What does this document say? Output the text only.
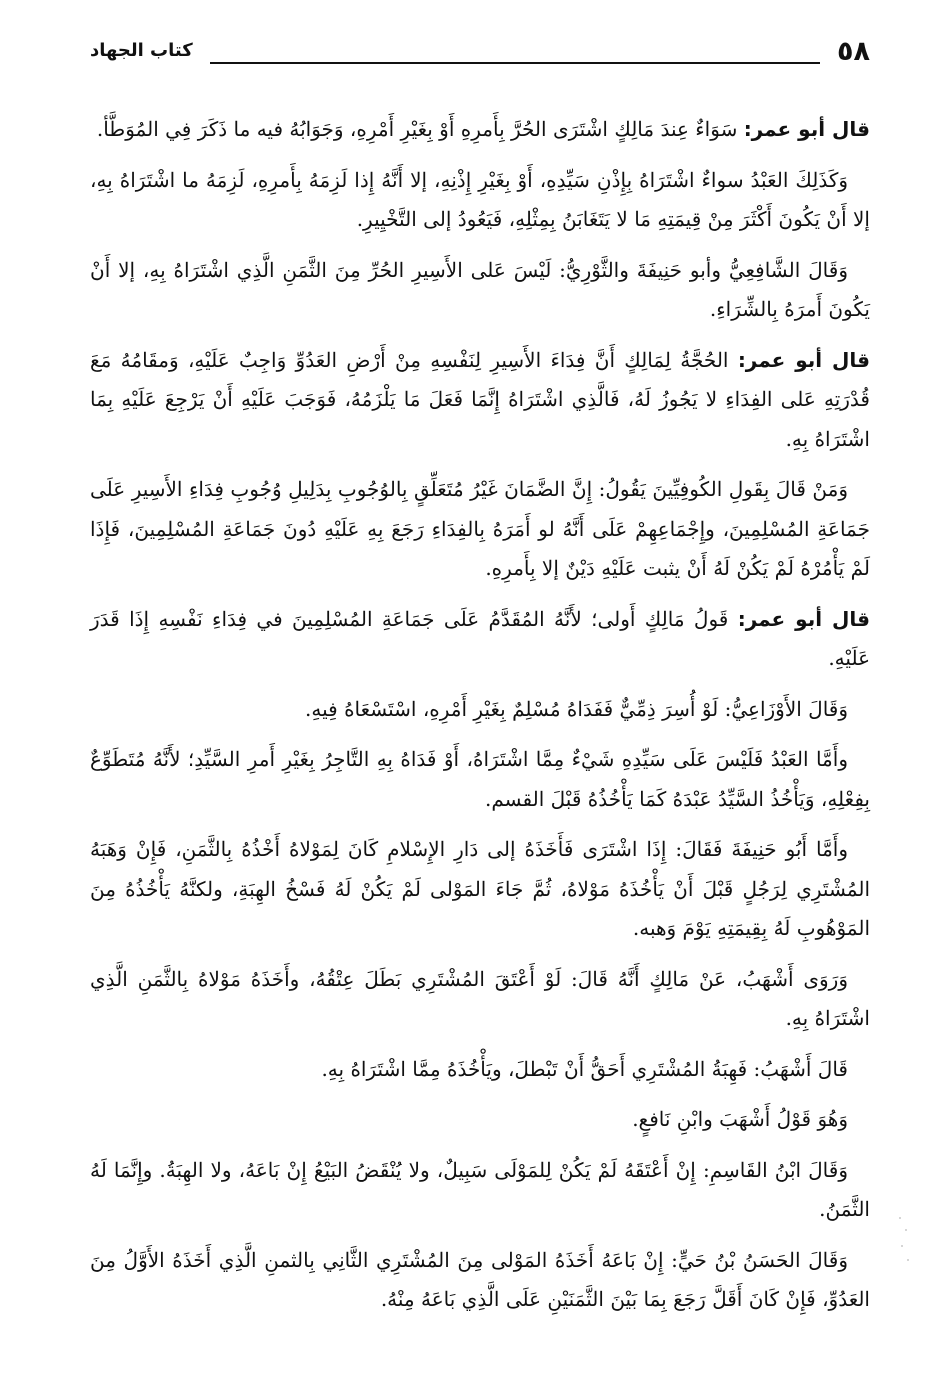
٥٨
كتاب الجهاد

قال أبو عمر: سَوَاءٌ عِندَ مَالِكٍ اشْتَرَى الحُرَّ بِأَمرِهِ أَوْ بِغَيْرِ أَمْرِهِ، وَجَوَابُهُ فيه ما ذَكَرَ فِي المُوَطَّأ.

وَكَذَلِكَ العَبْدُ سواءٌ اشْتَرَاهُ بِإِذْنِ سَيِّدِهِ، أَوْ بِغَيْرِ إِذْنِهِ، إلا أَنَّهُ إِذا لَزِمَهُ بِأَمرِهِ، لَزِمَهُ ما اشْتَرَاهُ بِهِ، إلا أَنْ يَكُونَ أَكْثَرَ مِنْ قِيمَتِهِ مَا لا يَتَغَابَنُ بِمِثْلِهِ، فَيَعُودُ إلى التَّخْيِيرِ.

وَقَالَ الشَّافِعِيُّ وأبو حَنِيفَةَ والثَّوْرِيُّ: لَيْسَ عَلى الأَسِيرِ الحُرِّ مِنَ الثَّمَنِ الَّذِي اشْتَرَاهُ بِهِ، إلا أَنْ يَكُونَ أَمرَهُ بِالشِّرَاءِ.

قال أبو عمر: الحُجَّةُ لِمَالِكٍ أَنَّ فِدَاءَ الأَسِيرِ لِنَفْسِهِ مِنْ أَرْضِ العَدُوِّ وَاجِبٌ عَلَيْهِ، وَمقَامُهُ مَعَ قُدْرَتِهِ عَلى الفِدَاءِ لا يَجُوزُ لَهُ، فَالَّذِي اشْتَرَاهُ إِنَّمَا فَعَلَ مَا يَلْزَمُهُ، فَوَجَبَ عَلَيْهِ أَنْ يَرْجِعَ عَلَيْهِ بِمَا اشْتَرَاهُ بِهِ.

وَمَنْ قَالَ بِقَولِ الكُوفِيِّينَ يَقُولُ: إِنَّ الضَّمَانَ غَيْرُ مُتَعَلِّقٍ بِالوُجُوبِ بِدَلِيلِ وُجُوبِ فِدَاءِ الأَسِيرِ عَلَى جَمَاعَةِ المُسْلِمِينَ، وإِجْمَاعِهِمْ عَلَى أَنَّهُ لو أَمَرَهُ بِالفِدَاءِ رَجَعَ بِهِ عَلَيْهِ دُونَ جَمَاعَةِ المُسْلِمِينَ، فَإِذَا لَمْ يَأْمُرْهُ لَمْ يَكُنْ لَهُ أَنْ يثبت عَلَيْهِ دَيْنٌ إلا بِأَمرِهِ.

قال أبو عمر: قَولُ مَالِكٍ أَولى؛ لأَنَّهُ المُقَدَّمُ عَلَى جَمَاعَةِ المُسْلِمِينَ في فِدَاءِ نَفْسِهِ إِذَا قَدَرَ عَلَيْهِ.

وَقَالَ الأَوْزَاعِيُّ: لَوْ أُسِرَ ذِمِّيٌّ فَفَدَاهُ مُسْلِمٌ بِغَيْرِ أَمْرِهِ، اسْتَسْعَاهُ فِيهِ.

وأَمَّا العَبْدُ فَلَيْسَ عَلَى سَيِّدِهِ شَيْءٌ مِمَّا اشْتَرَاهُ، أَوْ فَدَاهُ بِهِ التَّاجِرُ بِغَيْرِ أَمرِ السَّيِّدِ؛ لأَنَّهُ مُتَطَوِّعٌ بِفِعْلِهِ، وَيَأْخُذُ السَّيِّدُ عَبْدَهُ كَمَا يَأْخُذُهُ قَبْلَ القسم.

وأَمَّا أَبُو حَنِيفَةَ فَقَالَ: إِذَا اشْتَرَى فَأَخَذَهُ إلى دَارِ الإِسْلامِ كَانَ لِمَوْلاهُ أَخْذُهُ بِالثَّمَنِ، فَإِنْ وَهَبَهُ المُشْتَرِي لِرَجُلٍ قَبْلَ أَنْ يَأْخُذَهُ مَوْلاهُ، ثُمَّ جَاءَ المَوْلى لَمْ يَكُنْ لَهُ فَسْخُ الهِبَةِ، ولكنَّهُ يَأْخُذُهُ مِنَ المَوْهُوبِ لَهُ بِقِيمَتِهِ يَوْمَ وَهبه.

وَرَوَى أَشْهَبُ، عَنْ مَالِكٍ أَنَّهُ قَالَ: لَوْ أَعْتَقَ المُشْتَرِي بَطَلَ عِتْقُهُ، وأَخَذَهُ مَوْلاهُ بِالثَّمَنِ الَّذِي اشْتَرَاهُ بِهِ.

قَالَ أَشْهَبُ: فَهِبَةُ المُشْتَرِي أَحَقُّ أَنْ تَبْطلَ، ويَأْخُذَهُ مِمَّا اشْتَرَاهُ بِهِ.

وَهُوَ قَوْلُ أَشْهَبَ وابْنِ نَافعٍ.

وَقَالَ ابْنُ القَاسِمِ: إِنْ أَعْتَقَهُ لَمْ يَكُنْ لِلمَوْلَى سَبِيلٌ، ولا يُنْقَضُ البَيْعُ إِنْ بَاعَهُ، ولا الهِبَةُ. وإِنَّمَا لَهُ الثَّمَنُ.

وَقَالَ الحَسَنُ بْنُ حَيٍّ: إِنْ بَاعَهُ أَخَذَهُ المَوْلى مِنَ المُشْتَرِي الثَّانِي بِالثمنِ الَّذِي أَخَذَهُ الأَوَّلُ مِنَ العَدُوِّ، فَإِنْ كَانَ أَقَلَّ رَجَعَ بِمَا بَيْنَ الثَّمَنَيْنِ عَلَى الَّذِي بَاعَهُ مِنْهُ.
